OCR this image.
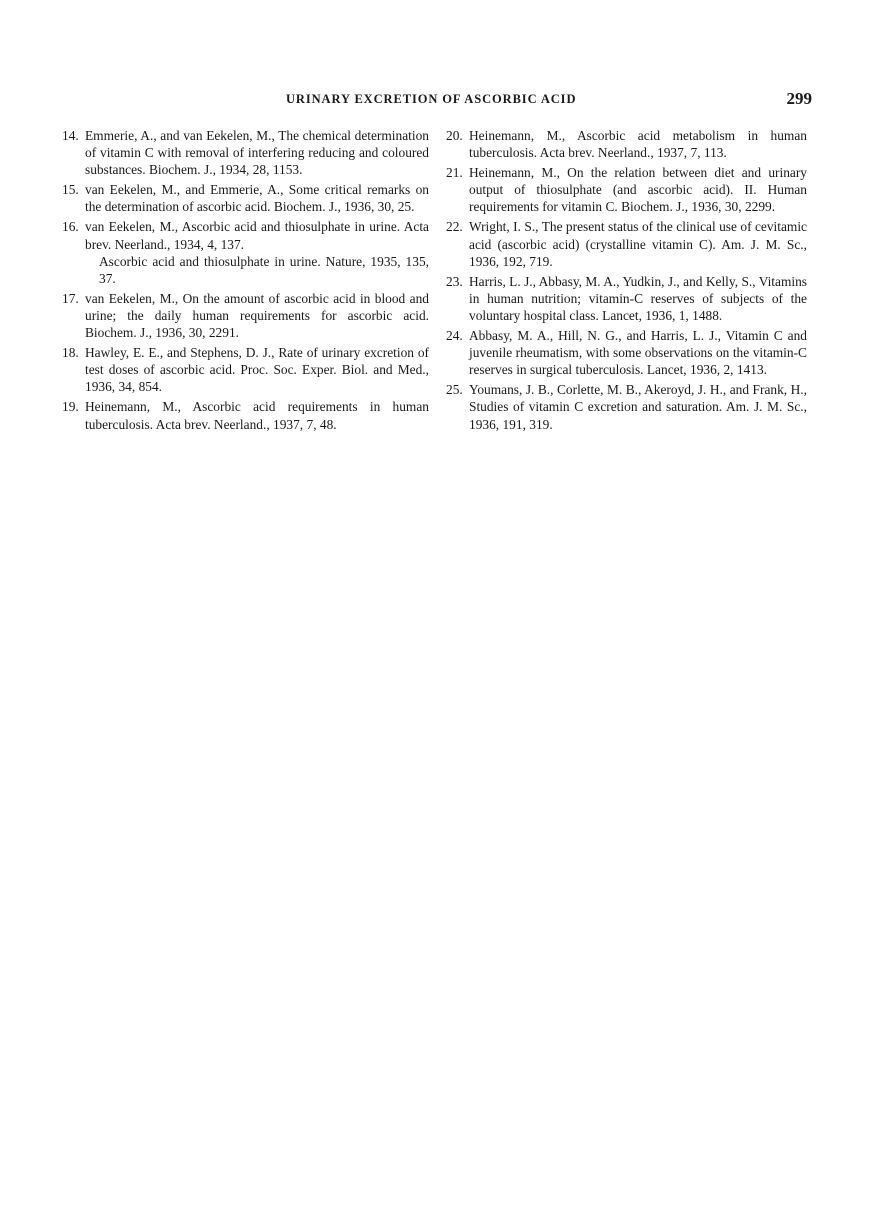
URINARY EXCRETION OF ASCORBIC ACID	299
14. Emmerie, A., and van Eekelen, M., The chemical determination of vitamin C with removal of interfering reducing and coloured substances. Biochem. J., 1934, 28, 1153.
15. van Eekelen, M., and Emmerie, A., Some critical remarks on the determination of ascorbic acid. Biochem. J., 1936, 30, 25.
16. van Eekelen, M., Ascorbic acid and thiosulphate in urine. Acta brev. Neerland., 1934, 4, 137.
Ascorbic acid and thiosulphate in urine. Nature, 1935, 135, 37.
17. van Eekelen, M., On the amount of ascorbic acid in blood and urine; the daily human requirements for ascorbic acid. Biochem. J., 1936, 30, 2291.
18. Hawley, E. E., and Stephens, D. J., Rate of urinary excretion of test doses of ascorbic acid. Proc. Soc. Exper. Biol. and Med., 1936, 34, 854.
19. Heinemann, M., Ascorbic acid requirements in human tuberculosis. Acta brev. Neerland., 1937, 7, 48.
20. Heinemann, M., Ascorbic acid metabolism in human tuberculosis. Acta brev. Neerland., 1937, 7, 113.
21. Heinemann, M., On the relation between diet and urinary output of thiosulphate (and ascorbic acid). II. Human requirements for vitamin C. Biochem. J., 1936, 30, 2299.
22. Wright, I. S., The present status of the clinical use of cevitamic acid (ascorbic acid) (crystalline vitamin C). Am. J. M. Sc., 1936, 192, 719.
23. Harris, L. J., Abbasy, M. A., Yudkin, J., and Kelly, S., Vitamins in human nutrition; vitamin-C reserves of subjects of the voluntary hospital class. Lancet, 1936, 1, 1488.
24. Abbasy, M. A., Hill, N. G., and Harris, L. J., Vitamin C and juvenile rheumatism, with some observations on the vitamin-C reserves in surgical tuberculosis. Lancet, 1936, 2, 1413.
25. Youmans, J. B., Corlette, M. B., Akeroyd, J. H., and Frank, H., Studies of vitamin C excretion and saturation. Am. J. M. Sc., 1936, 191, 319.
